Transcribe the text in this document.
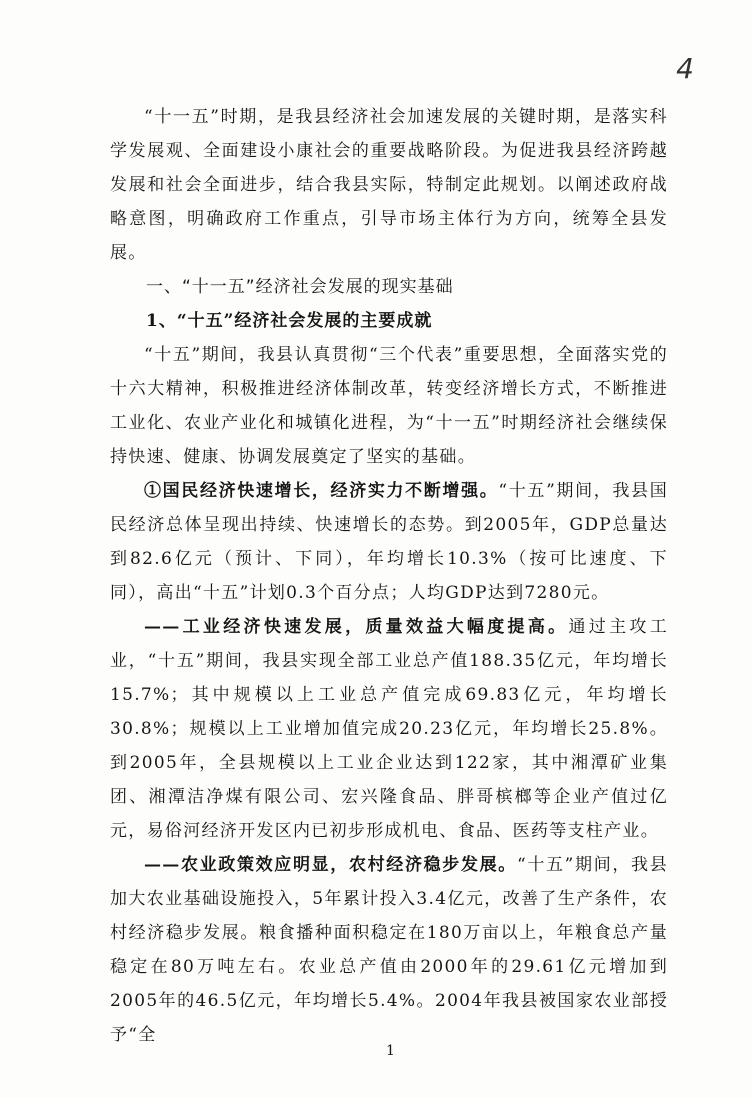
4

“十一五”时期，是我县经济社会加速发展的关键时期，是落实科学发展观、全面建设小康社会的重要战略阶段。为促进我县经济跨越发展和社会全面进步，结合我县实际，特制定此规划。以阐述政府战略意图，明确政府工作重点，引导市场主体行为方向，统筹全县发展。

一、“十一五”经济社会发展的现实基础
1、“十五”经济社会发展的主要成就

“十五”期间，我县认真贯彻“三个代表”重要思想，全面落实党的十六大精神，积极推进经济体制改革，转变经济增长方式，不断推进工业化、农业产业化和城镇化进程，为“十一五”时期经济社会继续保持快速、健康、协调发展奠定了坚实的基础。

①国民经济快速增长，经济实力不断增强。“十五”期间，我县国民经济总体呈现出持续、快速增长的态势。到2005年，GDP总量达到82.6亿元（预计、下同），年均增长10.3%（按可比速度、下同），高出“十五”计划0.3个百分点；人均GDP达到7280元。

——工业经济快速发展，质量效益大幅度提高。通过主攻工业，“十五”期间，我县实现全部工业总产值188.35亿元，年均增长15.7%；其中规模以上工业总产值完成69.83亿元，年均增长30.8%；规模以上工业增加值完成20.23亿元，年均增长25.8%。到2005年，全县规模以上工业企业达到122家，其中湘潭矿业集团、湘潭洁净煤有限公司、宏兴隆食品、胖哥槟榔等企业产值过亿元，易俗河经济开发区内已初步形成机电、食品、医药等支柱产业。

——农业政策效应明显，农村经济稳步发展。“十五”期间，我县加大农业基础设施投入，5年累计投入3.4亿元，改善了生产条件，农村经济稳步发展。粮食播种面积稳定在180万亩以上，年粮食总产量稳定在80万吨左右。农业总产值由2000年的29.61亿元增加到2005年的46.5亿元，年均增长5.4%。2004年我县被国家农业部授予“全

1
